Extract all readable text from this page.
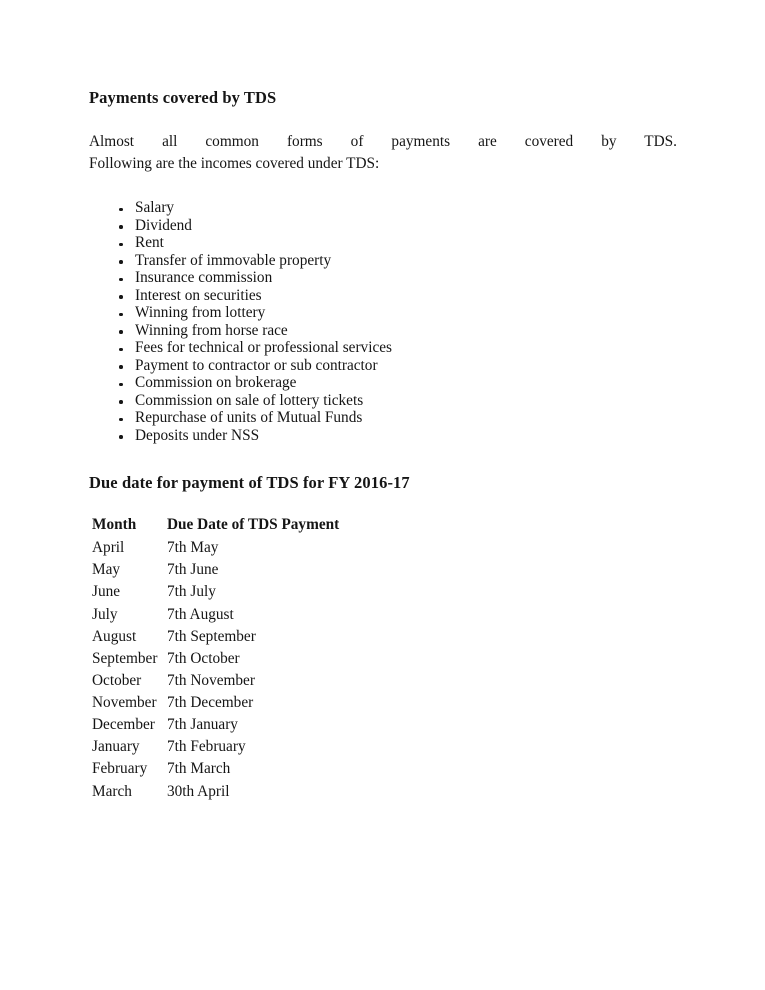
Payments covered by TDS

Almost all common forms of payments are covered by TDS.
Following are the incomes covered under TDS:

Salary
Dividend
Rent
Transfer of immovable property
Insurance commission
Interest on securities
Winning from lottery
Winning from horse race
Fees for technical or professional services
Payment to contractor or sub contractor
Commission on brokerage
Commission on sale of lottery tickets
Repurchase of units of Mutual Funds
Deposits under NSS
Due date for payment of TDS for FY 2016-17
Month	Due Date of TDS Payment
April	7th May
May	7th June
June	7th July
July	7th August
August	7th September
September	7th October
October	7th November
November	7th December
December	7th January
January	7th February
February	7th March
March	30th April
